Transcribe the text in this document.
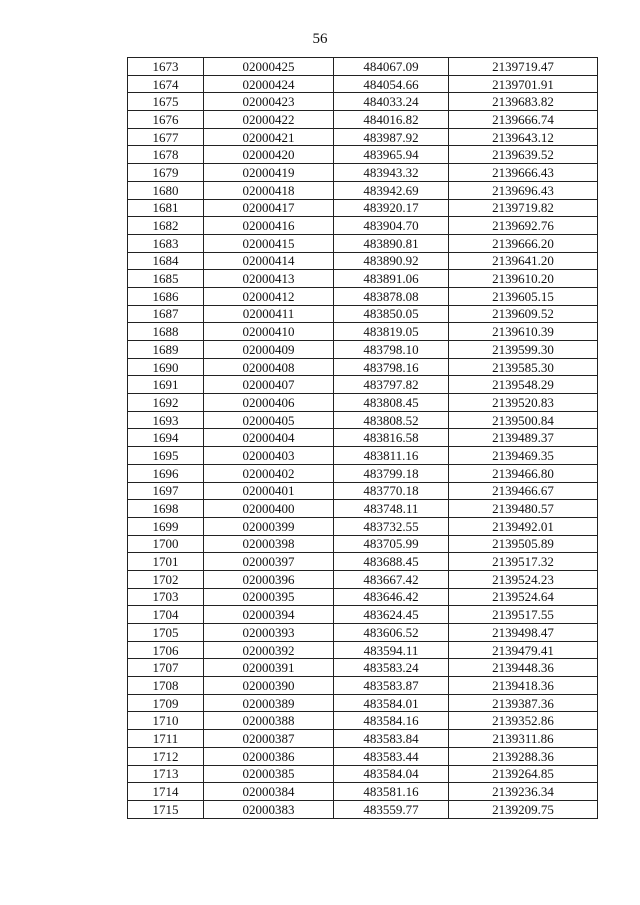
56
1673	02000425	484067.09	2139719.47
1674	02000424	484054.66	2139701.91
1675	02000423	484033.24	2139683.82
1676	02000422	484016.82	2139666.74
1677	02000421	483987.92	2139643.12
1678	02000420	483965.94	2139639.52
1679	02000419	483943.32	2139666.43
1680	02000418	483942.69	2139696.43
1681	02000417	483920.17	2139719.82
1682	02000416	483904.70	2139692.76
1683	02000415	483890.81	2139666.20
1684	02000414	483890.92	2139641.20
1685	02000413	483891.06	2139610.20
1686	02000412	483878.08	2139605.15
1687	02000411	483850.05	2139609.52
1688	02000410	483819.05	2139610.39
1689	02000409	483798.10	2139599.30
1690	02000408	483798.16	2139585.30
1691	02000407	483797.82	2139548.29
1692	02000406	483808.45	2139520.83
1693	02000405	483808.52	2139500.84
1694	02000404	483816.58	2139489.37
1695	02000403	483811.16	2139469.35
1696	02000402	483799.18	2139466.80
1697	02000401	483770.18	2139466.67
1698	02000400	483748.11	2139480.57
1699	02000399	483732.55	2139492.01
1700	02000398	483705.99	2139505.89
1701	02000397	483688.45	2139517.32
1702	02000396	483667.42	2139524.23
1703	02000395	483646.42	2139524.64
1704	02000394	483624.45	2139517.55
1705	02000393	483606.52	2139498.47
1706	02000392	483594.11	2139479.41
1707	02000391	483583.24	2139448.36
1708	02000390	483583.87	2139418.36
1709	02000389	483584.01	2139387.36
1710	02000388	483584.16	2139352.86
1711	02000387	483583.84	2139311.86
1712	02000386	483583.44	2139288.36
1713	02000385	483584.04	2139264.85
1714	02000384	483581.16	2139236.34
1715	02000383	483559.77	2139209.75
